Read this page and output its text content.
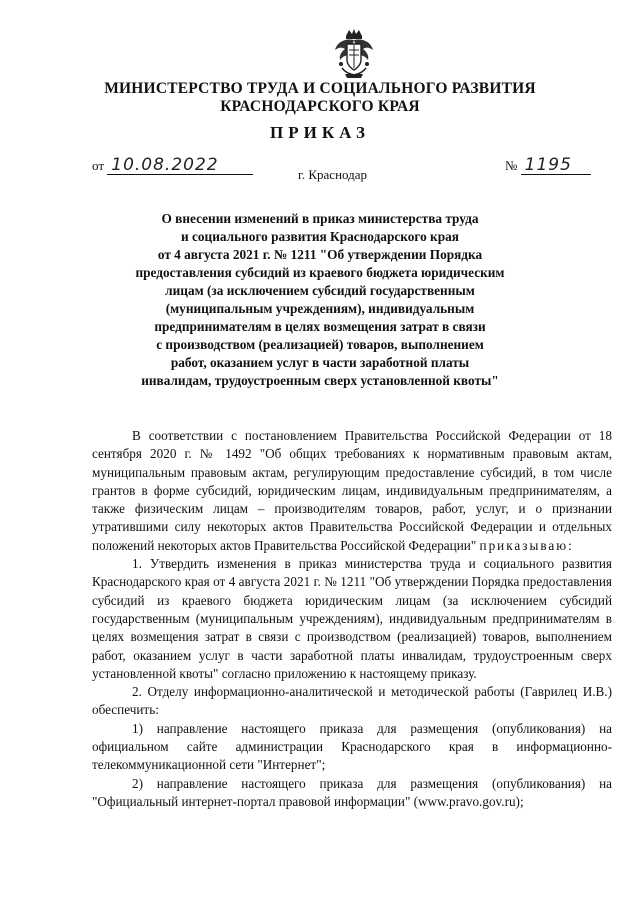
МИНИСТЕРСТВО ТРУДА И СОЦИАЛЬНОГО РАЗВИТИЯ
КРАСНОДАРСКОГО КРАЯ
ПРИКАЗ
от 10.08.2022	г. Краснодар
№ 1195
О внесении изменений в приказ министерства труда
и социального развития Краснодарского края
от 4 августа 2021 г. № 1211 "Об утверждении Порядка
предоставления субсидий из краевого бюджета юридическим
лицам (за исключением субсидий государственным
(муниципальным учреждениям), индивидуальным
предпринимателям в целях возмещения затрат в связи
с производством (реализацией) товаров, выполнением
работ, оказанием услуг в части заработной платы
инвалидам, трудоустроенным сверх установленной квоты"

В соответствии с постановлением Правительства Российской Федерации от 18 сентября 2020 г. № 1492 "Об общих требованиях к нормативным правовым актам, муниципальным правовым актам, регулирующим предоставление субсидий, в том числе грантов в форме субсидий, юридическим лицам, индивидуальным предпринимателям, а также физическим лицам – производителям товаров, работ, услуг, и о признании утратившими силу некоторых актов Правительства Российской Федерации и отдельных положений некоторых актов Правительства Российской Федерации" приказываю:

1. Утвердить изменения в приказ министерства труда и социального развития Краснодарского края от 4 августа 2021 г. № 1211 "Об утверждении Порядка предоставления субсидий из краевого бюджета юридическим лицам (за исключением субсидий государственным (муниципальным учреждениям), индивидуальным предпринимателям в целях возмещения затрат в связи с производством (реализацией) товаров, выполнением работ, оказанием услуг в части заработной платы инвалидам, трудоустроенным сверх установленной квоты" согласно приложению к настоящему приказу.

2. Отделу информационно-аналитической и методической работы (Гаврилец И.В.) обеспечить:

1) направление настоящего приказа для размещения (опубликования) на официальном сайте администрации Краснодарского края в информационно-телекоммуникационной сети "Интернет";

2) направление настоящего приказа для размещения (опубликования) на "Официальный интернет-портал правовой информации" (www.pravo.gov.ru);
